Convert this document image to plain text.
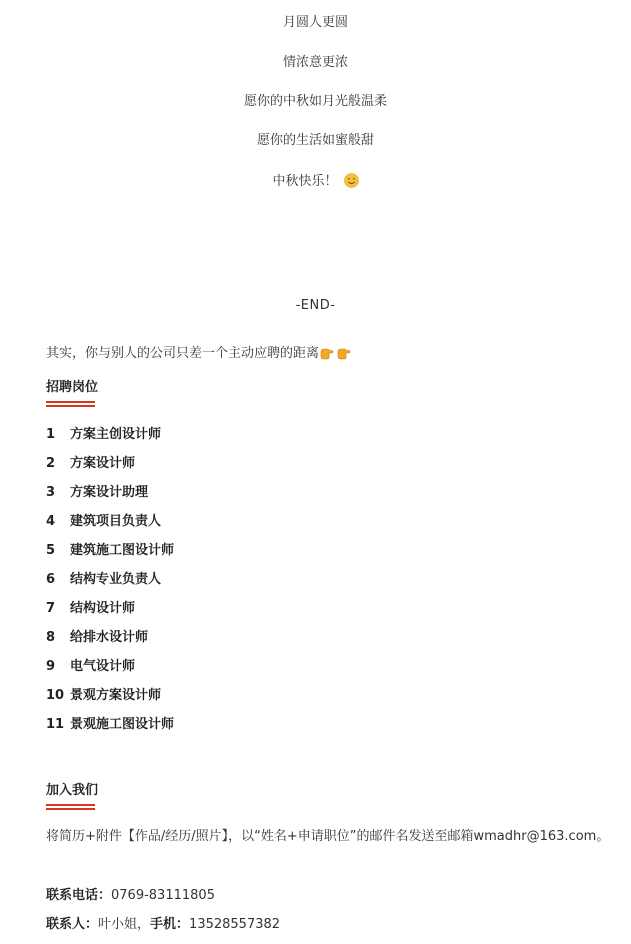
月圆人更圆
情浓意更浓
愿你的中秋如月光般温柔
愿你的生活如蜜般甜
中秋快乐！
-END-
其实，你与别人的公司只差一个主动应聘的距离
招聘岗位
1 方案主创设计师
2 方案设计师
3 方案设计助理
4 建筑项目负责人
5 建筑施工图设计师
6 结构专业负责人
7 结构设计师
8 给排水设计师
9 电气设计师
10 景观方案设计师
11 景观施工图设计师
加入我们
将简历+附件【作品/经历/照片】，以“姓名+申请职位”的邮件名发送至邮箱wmadhr@163.com。
联系电话：0769-83111805
联系人：叶小姐，手机：13528557382
